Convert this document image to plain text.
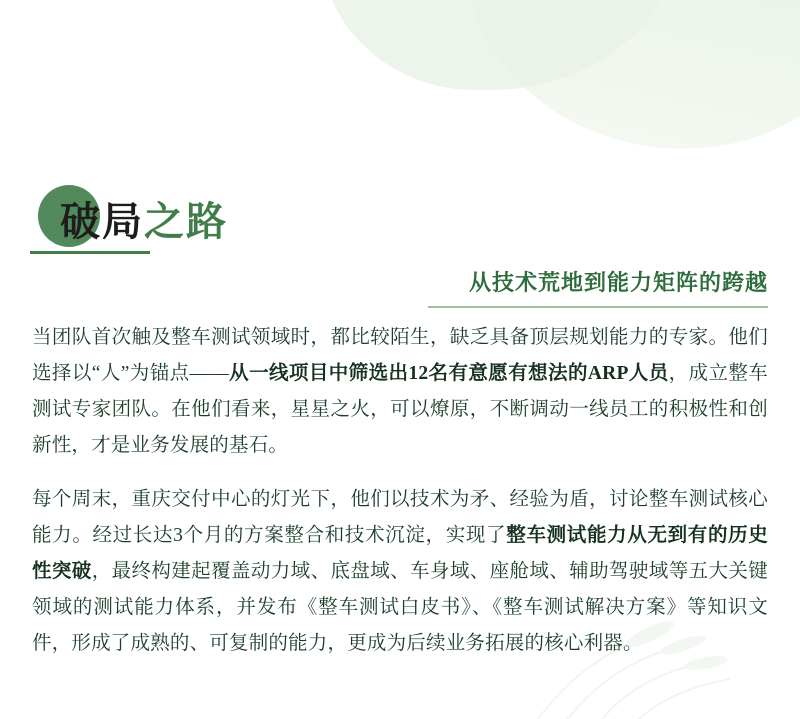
破局之路
从技术荒地到能力矩阵的跨越

当团队首次触及整车测试领域时，都比较陌生，缺乏具备顶层规划能力的专家。他们选择以“人”为锚点——从一线项目中筛选出12名有意愿有想法的ARP人员，成立整车测试专家团队。在他们看来，星星之火，可以燎原，不断调动一线员工的积极性和创新性，才是业务发展的基石。

每个周末，重庆交付中心的灯光下，他们以技术为矛、经验为盾，讨论整车测试核心能力。经过长达3个月的方案整合和技术沉淀，实现了整车测试能力从无到有的历史性突破，最终构建起覆盖动力域、底盘域、车身域、座舱域、辅助驾驶域等五大关键领域的测试能力体系，并发布《整车测试白皮书》、《整车测试解决方案》等知识文件，形成了成熟的、可复制的能力，更成为后续业务拓展的核心利器。
